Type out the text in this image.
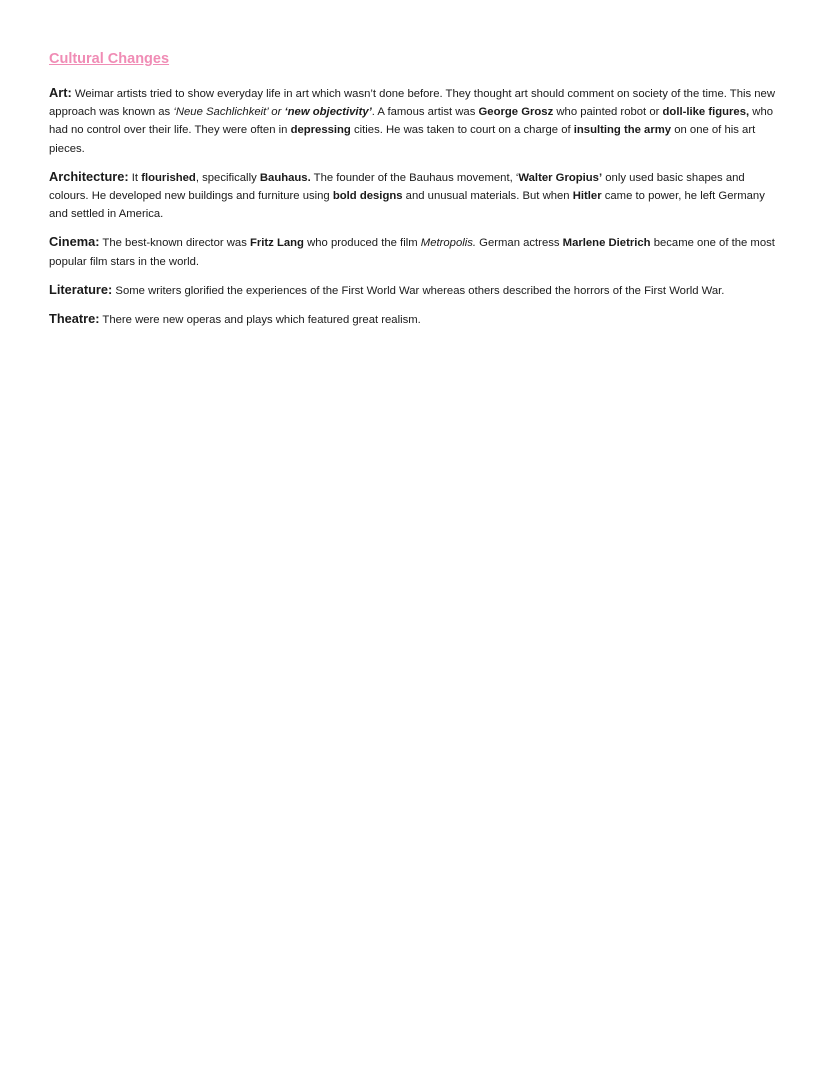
Cultural Changes

Art: Weimar artists tried to show everyday life in art which wasn’t done before. They thought art should comment on society of the time. This new approach was known as ‘Neue Sachlichkeit’ or ‘new objectivity’. A famous artist was George Grosz who painted robot or doll-like figures, who had no control over their life. They were often in depressing cities. He was taken to court on a charge of insulting the army on one of his art pieces.

Architecture: It flourished, specifically Bauhaus. The founder of the Bauhaus movement, ‘Walter Gropius’ only used basic shapes and colours. He developed new buildings and furniture using bold designs and unusual materials. But when Hitler came to power, he left Germany and settled in America.

Cinema: The best-known director was Fritz Lang who produced the film Metropolis. German actress Marlene Dietrich became one of the most popular film stars in the world.

Literature: Some writers glorified the experiences of the First World War whereas others described the horrors of the First World War.

Theatre: There were new operas and plays which featured great realism.
